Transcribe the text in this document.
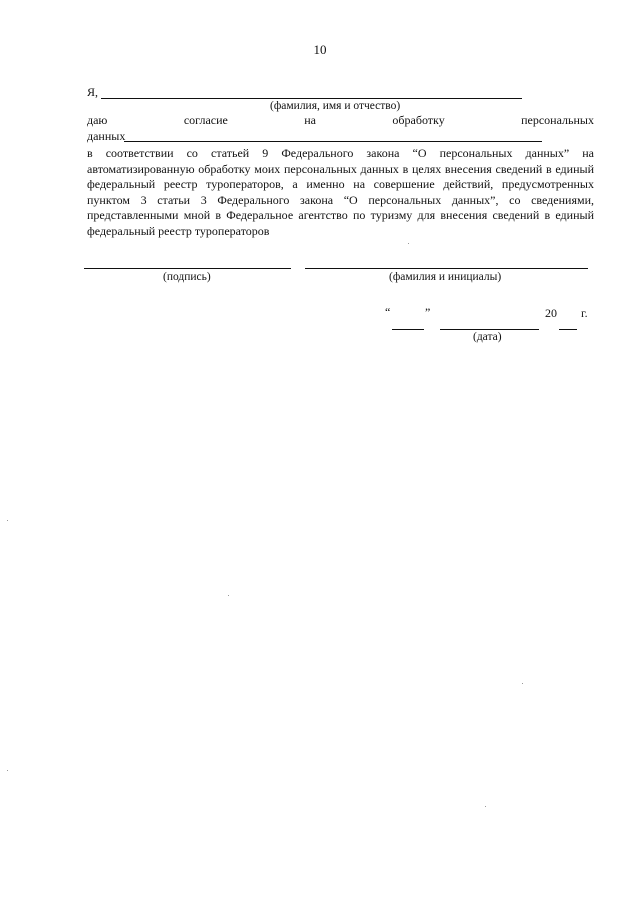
10
Я,
(фамилия, имя и отчество)
даю	согласие	на	обработку	персональных
данных
в соответствии со статьей 9 Федерального закона “О персональных данных” на автоматизированную обработку моих персональных данных в целях внесения сведений в единый федеральный реестр туроператоров, а именно на совершение действий, предусмотренных пунктом 3 статьи 3 Федерального закона “О персональных данных”, со сведениями, представленными мной в Федеральное агентство по туризму для внесения сведений в единый федеральный реестр туроператоров
(подпись)	(фамилия и инициалы)
“	”	20 г.
(дата)
